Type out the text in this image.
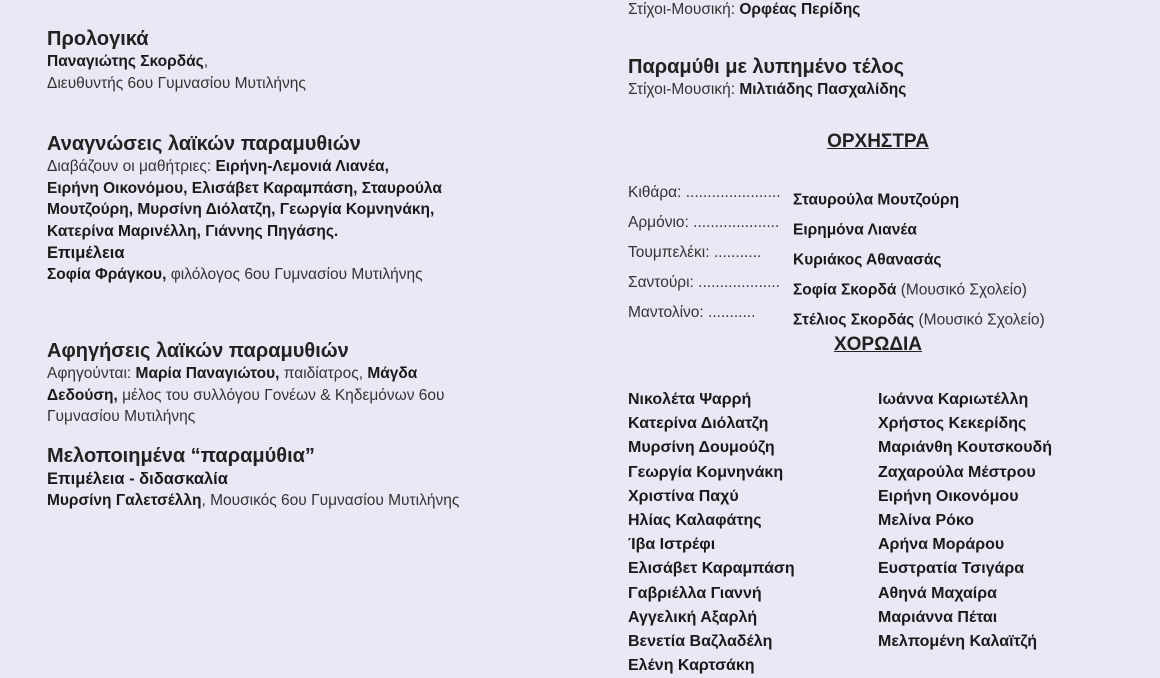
Προλογικά
Παναγιώτης Σκορδάς,
Διευθυντής 6ου Γυμνασίου Μυτιλήνης
Αναγνώσεις λαϊκών παραμυθιών
Διαβάζουν οι μαθήτριες: Ειρήνη-Λεμονιά Λιανέα,
Ειρήνη Οικονόμου, Ελισάβετ Καραμπάση, Σταυρούλα
Μουτζούρη, Μυρσίνη Διόλατζη, Γεωργία Κομνηνάκη,
Κατερίνα Μαρινέλλη, Γιάννης Πηγάσης.
Επιμέλεια
Σοφία Φράγκου, φιλόλογος 6ου Γυμνασίου Μυτιλήνης
Αφηγήσεις λαϊκών παραμυθιών
Αφηγούνται: Μαρία Παναγιώτου, παιδίατρος, Μάγδα
Δεδούση, μέλος του συλλόγου Γονέων & Κηδεμόνων 6ου
Γυμνασίου Μυτιλήνης
Μελοποιημένα “παραμύθια”
Επιμέλεια - διδασκαλία
Μυρσίνη Γαλετσέλλη, Μουσικός 6ου Γυμνασίου Μυτιλήνης
Στίχοι-Μουσική: Ορφέας Περίδης
Παραμύθι με λυπημένο τέλος
Στίχοι-Μουσική: Μιλτιάδης Πασχαλίδης
ΟΡΧΗΣΤΡΑ
Κιθάρα: ...................... Σταυρούλα Μουτζούρη
Αρμόνιο: .................... Ειρημόνα Λιανέα
Τουμπελέκι: ........... Κυριάκος Αθανασάς
Σαντούρι: ................... Σοφία Σκορδά (Μουσικό Σχολείο)
Μαντολίνο: ........... Στέλιος Σκορδάς (Μουσικό Σχολείο)
ΧΟΡΩΔΙΑ
Νικολέτα Ψαρρή
Κατερίνα Διόλατζη
Μυρσίνη Δουμούζη
Γεωργία Κομνηνάκη
Χριστίνα Παχύ
Ηλίας Καλαφάτης
Ίβα Ιστρέφι
Ελισάβετ Καραμπάση
Γαβριέλλα Γιαννή
Αγγελική Αξαρλή
Βενετία Βαζλαδέλη
Ελένη Καρτσάκη
Ιωάννα Καριωτέλλη
Χρήστος Κεκερίδης
Μαριάνθη Κουτσκουδή
Ζαχαρούλα Μέστρου
Ειρήνη Οικονόμου
Μελίνα Ρόκο
Αρήνα Μοράρου
Ευστρατία Τσιγάρα
Αθηνά Μαχαίρα
Μαριάννα Πέται
Μελπομένη Καλαϊτζή
